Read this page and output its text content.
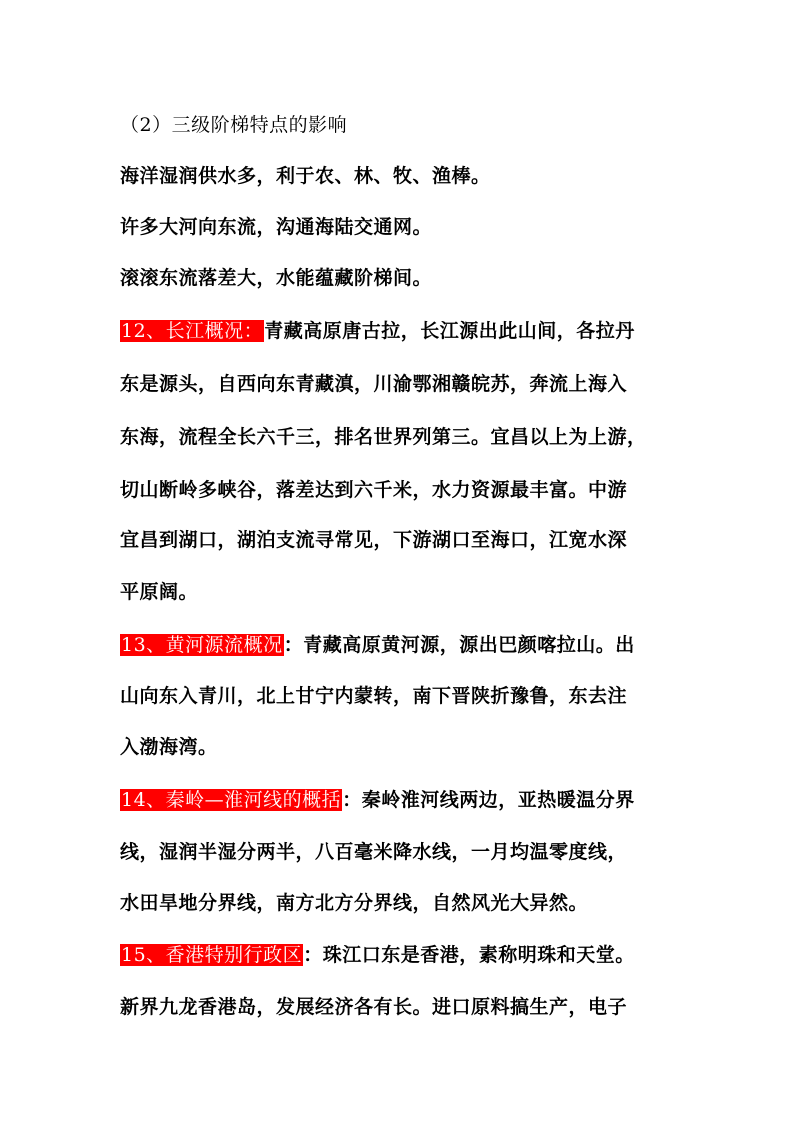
（2）三级阶梯特点的影响
海洋湿润供水多，利于农、林、牧、渔棒。
许多大河向东流，沟通海陆交通网。
滚滚东流落差大，水能蕴藏阶梯间。
12、长江概况：青藏高原唐古拉，长江源出此山间，各拉丹
东是源头，自西向东青藏滇，川渝鄂湘赣皖苏，奔流上海入
东海，流程全长六千三，排名世界列第三。宜昌以上为上游，
切山断岭多峡谷，落差达到六千米，水力资源最丰富。中游
宜昌到湖口，湖泊支流寻常见，下游湖口至海口，江宽水深
平原阔。
13、黄河源流概况：青藏高原黄河源，源出巴颜喀拉山。出
山向东入青川，北上甘宁内蒙转，南下晋陕折豫鲁，东去注
入渤海湾。
14、秦岭—淮河线的概括：秦岭淮河线两边，亚热暖温分界
线，湿润半湿分两半，八百毫米降水线，一月均温零度线，
水田旱地分界线，南方北方分界线，自然风光大异然。
15、香港特别行政区：珠江口东是香港，素称明珠和天堂。
新界九龙香港岛，发展经济各有长。进口原料搞生产，电子
